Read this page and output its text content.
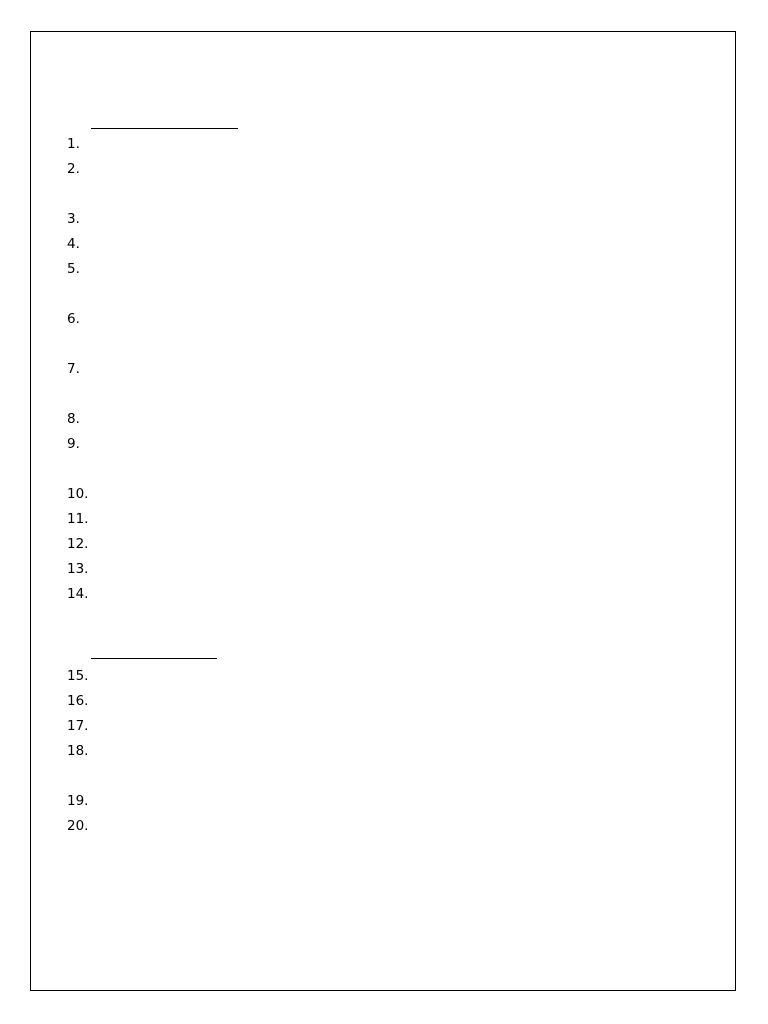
1.
2.
3.
4.
5.
6.
7.
8.
9.
10.
11.
12.
13.
14.
15.
16.
17.
18.
19.
20.
